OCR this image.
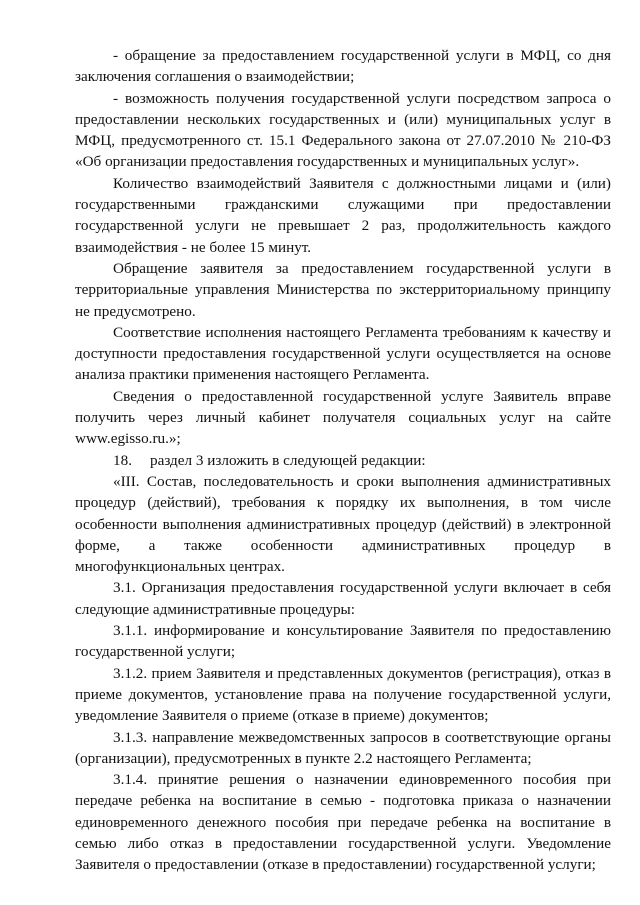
- обращение за предоставлением государственной услуги в МФЦ, со дня заключения соглашения о взаимодействии;

- возможность получения государственной услуги посредством запроса о предоставлении нескольких государственных и (или) муниципальных услуг в МФЦ, предусмотренного ст. 15.1 Федерального закона от 27.07.2010 № 210-ФЗ «Об организации предоставления государственных и муниципальных услуг».

Количество взаимодействий Заявителя с должностными лицами и (или) государственными гражданскими служащими при предоставлении государственной услуги не превышает 2 раз, продолжительность каждого взаимодействия - не более 15 минут.

Обращение заявителя за предоставлением государственной услуги в территориальные управления Министерства по экстерриториальному принципу не предусмотрено.

Соответствие исполнения настоящего Регламента требованиям к качеству и доступности предоставления государственной услуги осуществляется на основе анализа практики применения настоящего Регламента.

Сведения о предоставленной государственной услуге Заявитель вправе получить через личный кабинет получателя социальных услуг на сайте www.egisso.ru.»;

18. раздел 3 изложить в следующей редакции:

«III. Состав, последовательность и сроки выполнения административных процедур (действий), требования к порядку их выполнения, в том числе особенности выполнения административных процедур (действий) в электронной форме, а также особенности административных процедур в многофункциональных центрах.

3.1. Организация предоставления государственной услуги включает в себя следующие административные процедуры:

3.1.1. информирование и консультирование Заявителя по предоставлению государственной услуги;

3.1.2. прием Заявителя и представленных документов (регистрация), отказ в приеме документов, установление права на получение государственной услуги, уведомление Заявителя о приеме (отказе в приеме) документов;

3.1.3. направление межведомственных запросов в соответствующие органы (организации), предусмотренных в пункте 2.2 настоящего Регламента;

3.1.4. принятие решения о назначении единовременного пособия при передаче ребенка на воспитание в семью - подготовка приказа о назначении единовременного денежного пособия при передаче ребенка на воспитание в семью либо отказ в предоставлении государственной услуги. Уведомление Заявителя о предоставлении (отказе в предоставлении) государственной услуги;
